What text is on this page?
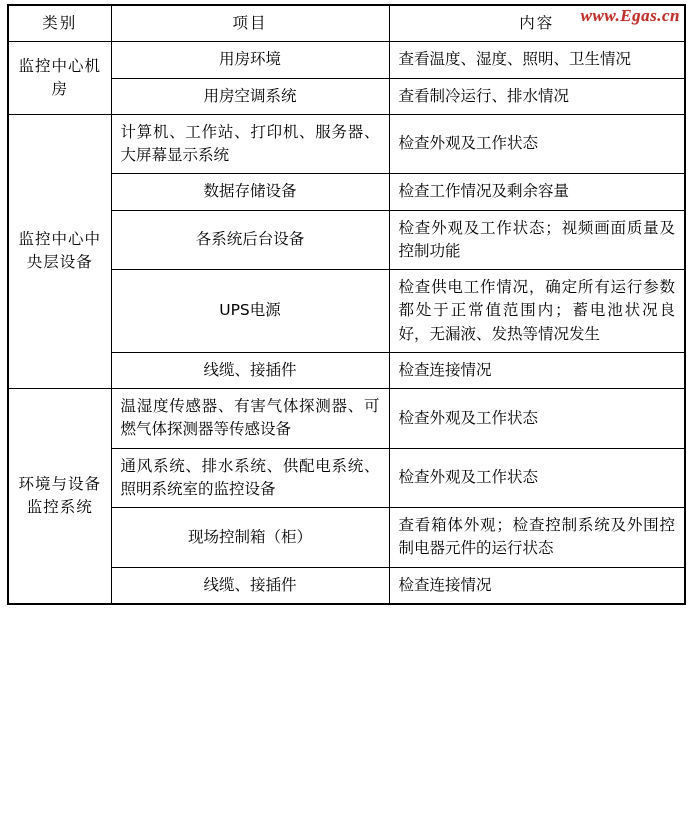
www.Egas.cn
类别	项目	内容
监控中心机房	用房环境	查看温度、湿度、照明、卫生情况
	用房空调系统	查看制冷运行、排水情况
监控中心中央层设备	计算机、工作站、打印机、服务器、大屏幕显示系统	检查外观及工作状态
	数据存储设备	检查工作情况及剩余容量
	各系统后台设备	检查外观及工作状态；视频画面质量及控制功能
	UPS电源	检查供电工作情况，确定所有运行参数都处于正常值范围内；蓄电池状况良好，无漏液、发热等情况发生
	线缆、接插件	检查连接情况
环境与设备监控系统	温湿度传感器、有害气体探测器、可燃气体探测器等传感设备	检查外观及工作状态
	通风系统、排水系统、供配电系统、照明系统室的监控设备	检查外观及工作状态
	现场控制箱（柜）	查看箱体外观；检查控制系统及外围控制电器元件的运行状态
	线缆、接插件	检查连接情况
